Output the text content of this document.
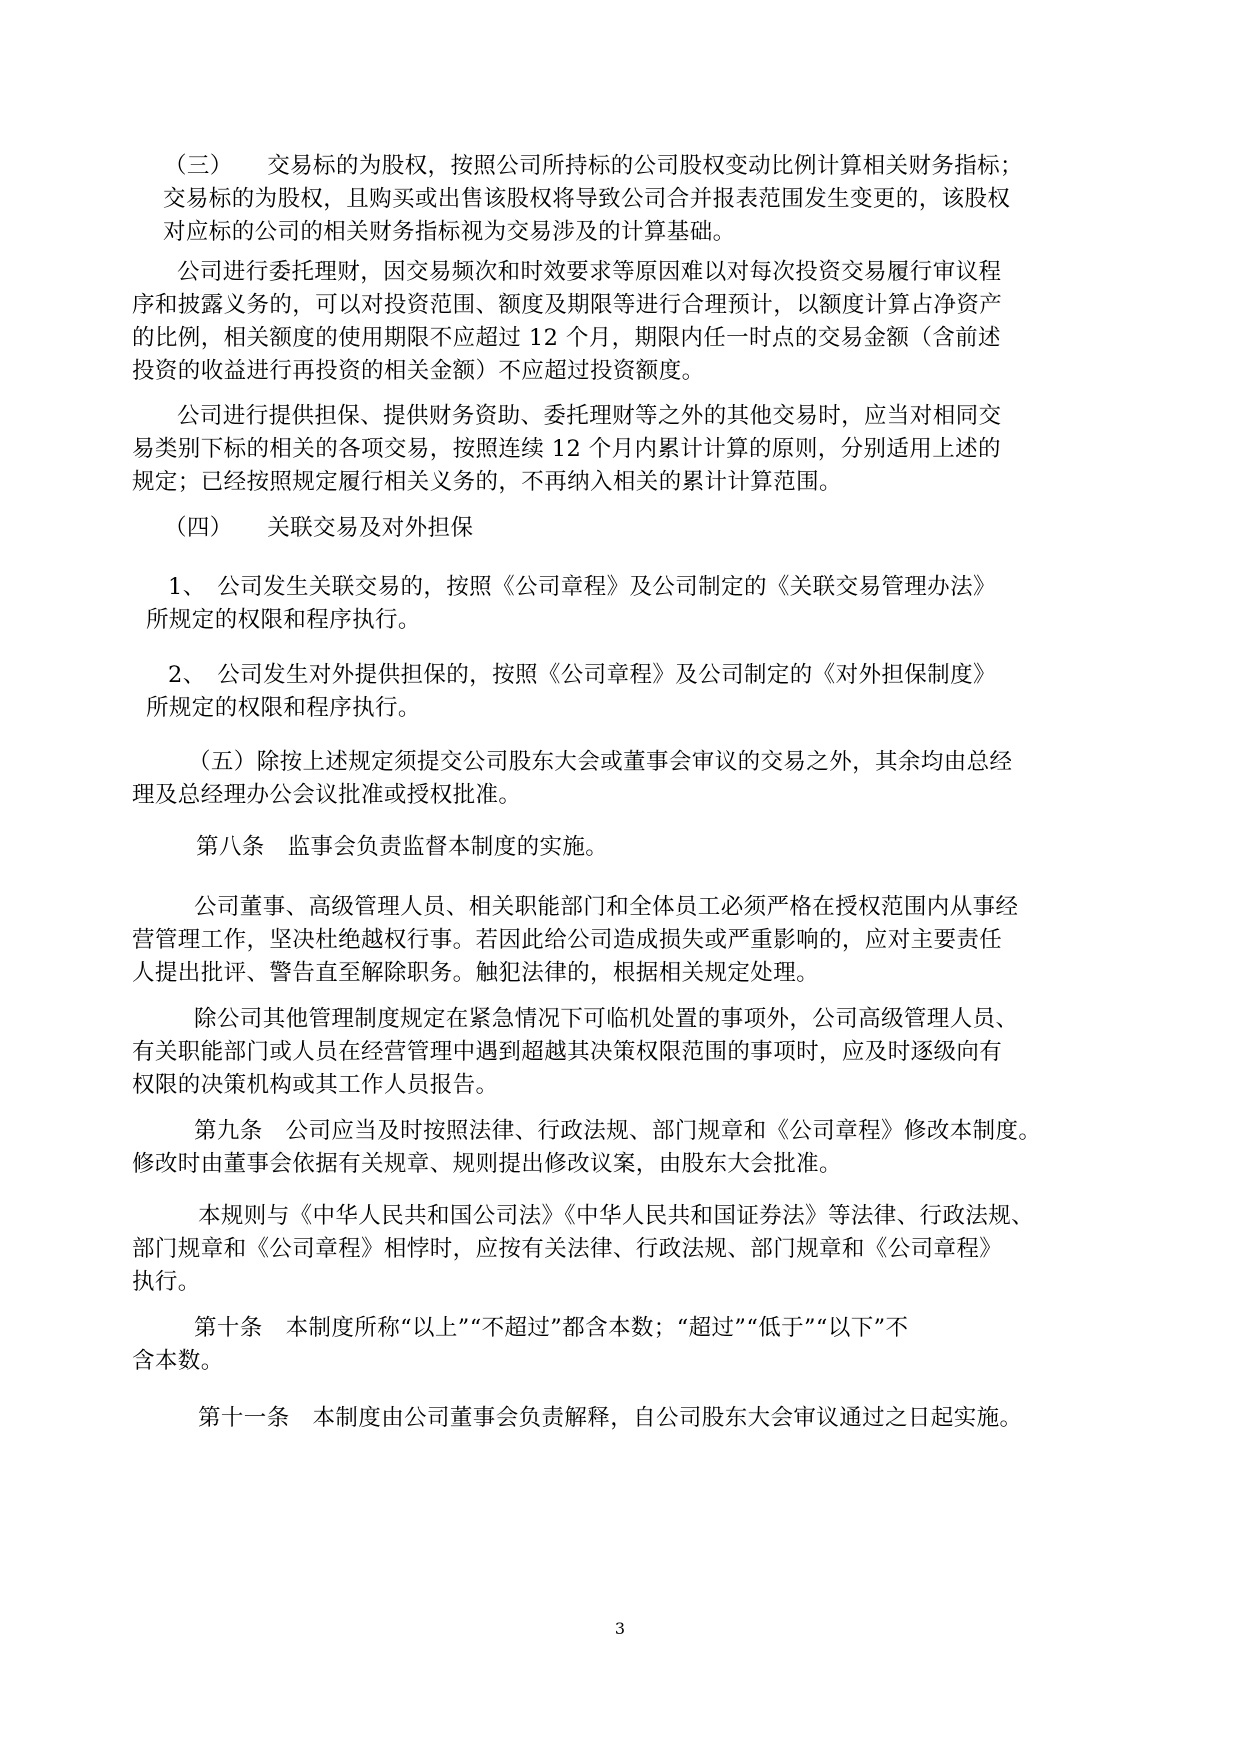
（三）　　交易标的为股权，按照公司所持标的公司股权变动比例计算相关财务指标；
交易标的为股权，且购买或出售该股权将导致公司合并报表范围发生变更的，该股权
对应标的公司的相关财务指标视为交易涉及的计算基础。

公司进行委托理财，因交易频次和时效要求等原因难以对每次投资交易履行审议程
序和披露义务的，可以对投资范围、额度及期限等进行合理预计，以额度计算占净资产
的比例，相关额度的使用期限不应超过 12 个月，期限内任一时点的交易金额（含前述
投资的收益进行再投资的相关金额）不应超过投资额度。

公司进行提供担保、提供财务资助、委托理财等之外的其他交易时，应当对相同交
易类别下标的相关的各项交易，按照连续 12 个月内累计计算的原则，分别适用上述的
规定；已经按照规定履行相关义务的，不再纳入相关的累计计算范围。

（四）　　关联交易及对外担保

1、　公司发生关联交易的，按照《公司章程》及公司制定的《关联交易管理办法》
所规定的权限和程序执行。

2、　公司发生对外提供担保的，按照《公司章程》及公司制定的《对外担保制度》
所规定的权限和程序执行。

（五）除按上述规定须提交公司股东大会或董事会审议的交易之外，其余均由总经
理及总经理办公会议批准或授权批准。

第八条　监事会负责监督本制度的实施。

公司董事、高级管理人员、相关职能部门和全体员工必须严格在授权范围内从事经
营管理工作，坚决杜绝越权行事。若因此给公司造成损失或严重影响的，应对主要责任
人提出批评、警告直至解除职务。触犯法律的，根据相关规定处理。

除公司其他管理制度规定在紧急情况下可临机处置的事项外，公司高级管理人员、
有关职能部门或人员在经营管理中遇到超越其决策权限范围的事项时，应及时逐级向有
权限的决策机构或其工作人员报告。

第九条　公司应当及时按照法律、行政法规、部门规章和《公司章程》修改本制度。
修改时由董事会依据有关规章、规则提出修改议案，由股东大会批准。

本规则与《中华人民共和国公司法》《中华人民共和国证券法》等法律、行政法规、
部门规章和《公司章程》相悖时，应按有关法律、行政法规、部门规章和《公司章程》
执行。

第十条　本制度所称“以上”“不超过”都含本数；“超过”“低于”“以下”不
含本数。

第十一条　本制度由公司董事会负责解释，自公司股东大会审议通过之日起实施。

3
